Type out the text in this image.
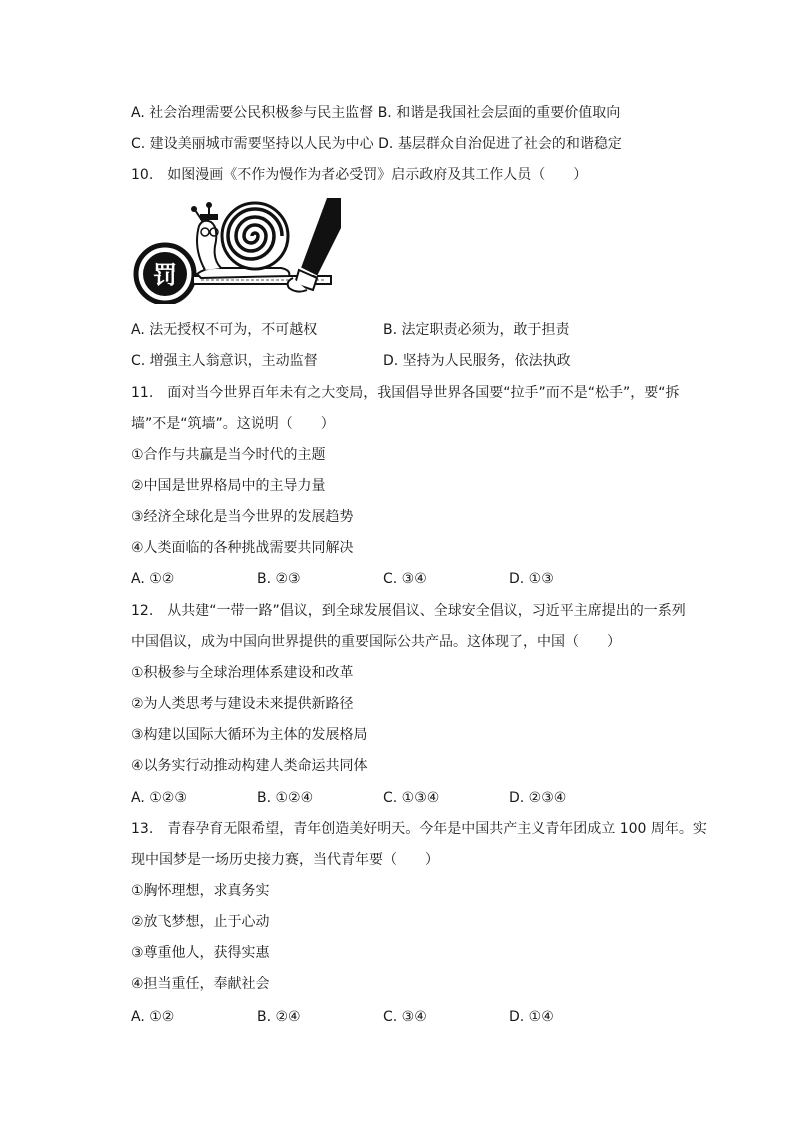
A. 社会治理需要公民积极参与民主监督 B. 和谐是我国社会层面的重要价值取向
C. 建设美丽城市需要坚持以人民为中心 D. 基层群众自治促进了社会的和谐稳定
10.　如图漫画《不作为慢作为者必受罚》启示政府及其工作人员（　　）
罚
A. 法无授权不可为，不可越权	B. 法定职责必须为，敢于担责
C. 增强主人翁意识，主动监督	D. 坚持为人民服务，依法执政
11.　面对当今世界百年未有之大变局，我国倡导世界各国要“拉手”而不是“松手”，要“拆
墙”不是“筑墙”。这说明（　　）
①合作与共赢是当今时代的主题
②中国是世界格局中的主导力量
③经济全球化是当今世界的发展趋势
④人类面临的各种挑战需要共同解决
A. ①②	B. ②③	C. ③④	D. ①③
12.　从共建“一带一路”倡议，到全球发展倡议、全球安全倡议，习近平主席提出的一系列
中国倡议，成为中国向世界提供的重要国际公共产品。这体现了，中国（　　）
①积极参与全球治理体系建设和改革
②为人类思考与建设未来提供新路径
③构建以国际大循环为主体的发展格局
④以务实行动推动构建人类命运共同体
A. ①②③	B. ①②④	C. ①③④	D. ②③④
13.　青春孕育无限希望，青年创造美好明天。今年是中国共产主义青年团成立 100 周年。实
现中国梦是一场历史接力赛，当代青年要（　　）
①胸怀理想，求真务实
②放飞梦想，止于心动
③尊重他人，获得实惠
④担当重任，奉献社会
A. ①②	B. ②④	C. ③④	D. ①④
